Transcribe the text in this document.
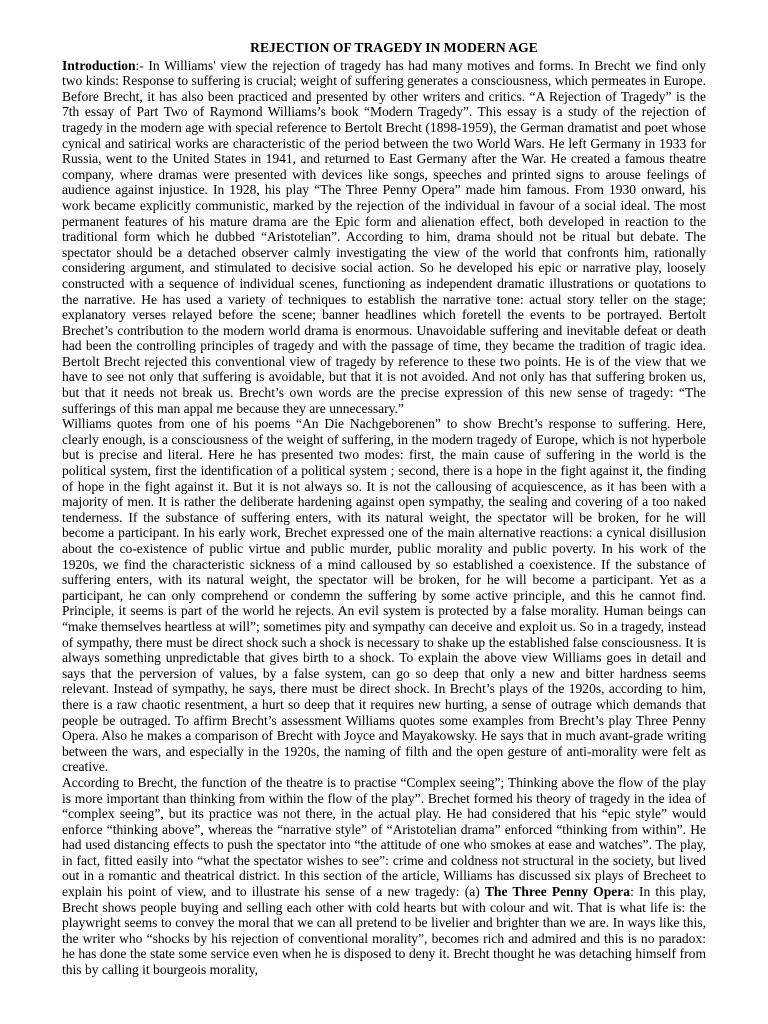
REJECTION OF TRAGEDY IN MODERN AGE

Introduction:- In Williams' view the rejection of tragedy has had many motives and forms. In Brecht we find only two kinds: Response to suffering is crucial; weight of suffering generates a consciousness, which permeates in Europe. Before Brecht, it has also been practiced and presented by other writers and critics. “A Rejection of Tragedy” is the 7th essay of Part Two of Raymond Williams’s book “Modern Tragedy”. This essay is a study of the rejection of tragedy in the modern age with special reference to Bertolt Brecht (1898-1959), the German dramatist and poet whose cynical and satirical works are characteristic of the period between the two World Wars. He left Germany in 1933 for Russia, went to the United States in 1941, and returned to East Germany after the War. He created a famous theatre company, where dramas were presented with devices like songs, speeches and printed signs to arouse feelings of audience against injustice. In 1928, his play “The Three Penny Opera” made him famous. From 1930 onward, his work became explicitly communistic, marked by the rejection of the individual in favour of a social ideal. The most permanent features of his mature drama are the Epic form and alienation effect, both developed in reaction to the traditional form which he dubbed “Aristotelian”. According to him, drama should not be ritual but debate. The spectator should be a detached observer calmly investigating the view of the world that confronts him, rationally considering argument, and stimulated to decisive social action. So he developed his epic or narrative play, loosely constructed with a sequence of individual scenes, functioning as independent dramatic illustrations or quotations to the narrative. He has used a variety of techniques to establish the narrative tone: actual story teller on the stage; explanatory verses relayed before the scene; banner headlines which foretell the events to be portrayed. Bertolt Brechet’s contribution to the modern world drama is enormous. Unavoidable suffering and inevitable defeat or death had been the controlling principles of tragedy and with the passage of time, they became the tradition of tragic idea. Bertolt Brecht rejected this conventional view of tragedy by reference to these two points. He is of the view that we have to see not only that suffering is avoidable, but that it is not avoided. And not only has that suffering broken us, but that it needs not break us. Brecht’s own words are the precise expression of this new sense of tragedy: “The sufferings of this man appal me because they are unnecessary.”

Williams quotes from one of his poems “An Die Nachgeborenen” to show Brecht’s response to suffering. Here, clearly enough, is a consciousness of the weight of suffering, in the modern tragedy of Europe, which is not hyperbole but is precise and literal. Here he has presented two modes: first, the main cause of suffering in the world is the political system, first the identification of a political system ; second, there is a hope in the fight against it, the finding of hope in the fight against it. But it is not always so. It is not the callousing of acquiescence, as it has been with a majority of men. It is rather the deliberate hardening against open sympathy, the sealing and covering of a too naked tenderness. If the substance of suffering enters, with its natural weight, the spectator will be broken, for he will become a participant. In his early work, Brechet expressed one of the main alternative reactions: a cynical disillusion about the co-existence of public virtue and public murder, public morality and public poverty. In his work of the 1920s, we find the characteristic sickness of a mind calloused by so established a coexistence. If the substance of suffering enters, with its natural weight, the spectator will be broken, for he will become a participant. Yet as a participant, he can only comprehend or condemn the suffering by some active principle, and this he cannot find. Principle, it seems is part of the world he rejects. An evil system is protected by a false morality. Human beings can “make themselves heartless at will”; sometimes pity and sympathy can deceive and exploit us. So in a tragedy, instead of sympathy, there must be direct shock such a shock is necessary to shake up the established false consciousness. It is always something unpredictable that gives birth to a shock. To explain the above view Williams goes in detail and says that the perversion of values, by a false system, can go so deep that only a new and bitter hardness seems relevant. Instead of sympathy, he says, there must be direct shock. In Brecht’s plays of the 1920s, according to him, there is a raw chaotic resentment, a hurt so deep that it requires new hurting, a sense of outrage which demands that people be outraged. To affirm Brecht’s assessment Williams quotes some examples from Brecht’s play Three Penny Opera. Also he makes a comparison of Brecht with Joyce and Mayakowsky. He says that in much avant-grade writing between the wars, and especially in the 1920s, the naming of filth and the open gesture of anti-morality were felt as creative.

According to Brecht, the function of the theatre is to practise “Complex seeing”; Thinking above the flow of the play is more important than thinking from within the flow of the play”. Brechet formed his theory of tragedy in the idea of “complex seeing”, but its practice was not there, in the actual play. He had considered that his “epic style” would enforce “thinking above”, whereas the “narrative style” of “Aristotelian drama” enforced “thinking from within”. He had used distancing effects to push the spectator into “the attitude of one who smokes at ease and watches”. The play, in fact, fitted easily into “what the spectator wishes to see”: crime and coldness not structural in the society, but lived out in a romantic and theatrical district. In this section of the article, Williams has discussed six plays of Brecheet to explain his point of view, and to illustrate his sense of a new tragedy: (a) The Three Penny Opera: In this play, Brecht shows people buying and selling each other with cold hearts but with colour and wit. That is what life is: the playwright seems to convey the moral that we can all pretend to be livelier and brighter than we are. In ways like this, the writer who “shocks by his rejection of conventional morality”, becomes rich and admired and this is no paradox: he has done the state some service even when he is disposed to deny it. Brecht thought he was detaching himself from this by calling it bourgeois morality,
